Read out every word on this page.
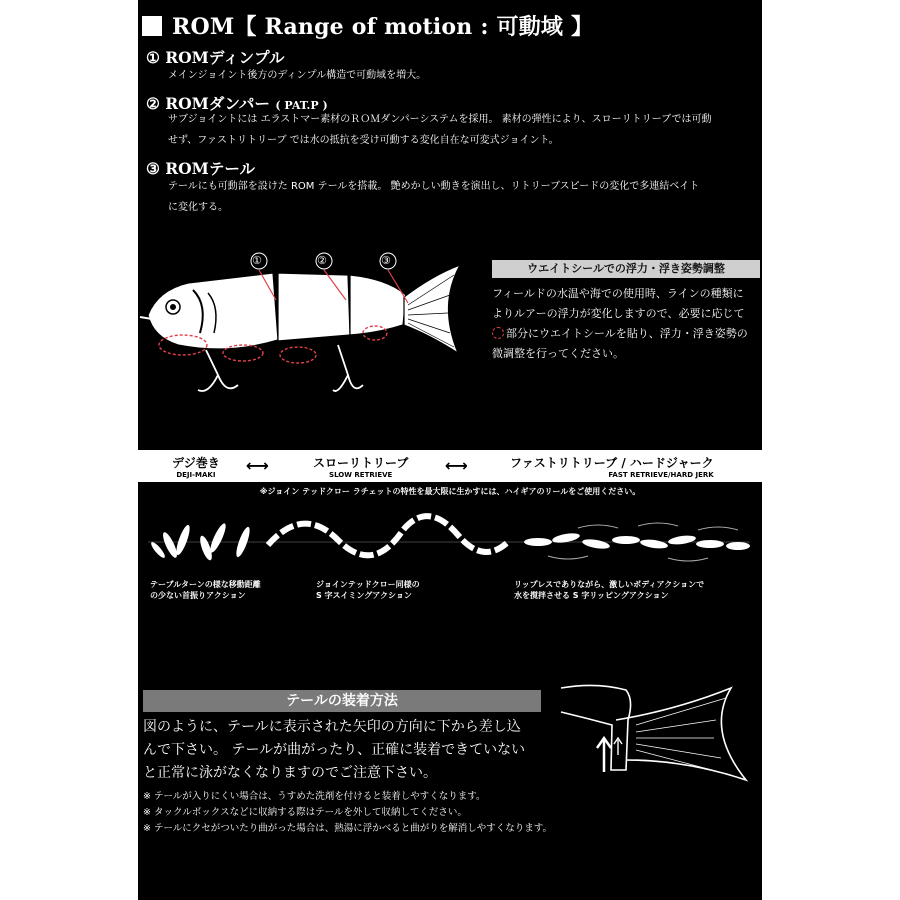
ROM【 Range of motion : 可動域 】
① ROMディンプル
メインジョイント後方のディンプル構造で可動域を増大。
② ROMダンパー ( PAT.P )
サブジョイントには エラストマー素材のＲＯＭダンパーシステムを採用。 素材の弾性により、スローリトリーブでは可動
せず、ファストリトリーブ では水の抵抗を受け可動する変化自在な可変式ジョイント。
③ ROMテール
テールにも可動部を設けた ROM テールを搭載。 艶めかしい動きを演出し、リトリーブスピードの変化で多連結ベイト
に変化する。
①	②	③
ウエイトシールでの浮力・浮き姿勢調整
フィールドの水温や海での使用時、ラインの種類に
よりルアーの浮力が変化しますので、必要に応じて
部分にウエイトシールを貼り、浮力・浮き姿勢の
微調整を行ってください。
デジ巻き
DEJI-MAKI ⟷	スローリトリーブ
SLOW RETRIEVE	⟷	ファストリトリーブ / ハードジャーク
FAST RETRIEVE/HARD JERK
※ジョイン テッドクロー ラチェットの特性を最大限に生かすには、ハイギアのリールをご使用ください。
テーブルターンの様な移動距離
の少ない首振りアクション
ジョインテッドクロー同様の
S 字スイミングアクション
リップレスでありながら、激しいボディアクションで
水を撹拌させる S 字リッピングアクション
テールの装着方法
図のように、テールに表示された矢印の方向に下から差し込
んで下さい。 テールが曲がったり、正確に装着できていない
と正常に泳がなくなりますのでご注意下さい。
※ テールが入りにくい場合は、うすめた洗剤を付けると装着しやすくなります。
※ タックルボックスなどに収納する際はテールを外して収納してください。
※ テールにクセがついたり曲がった場合は、熱湯に浮かべると曲がりを解消しやすくなります。
